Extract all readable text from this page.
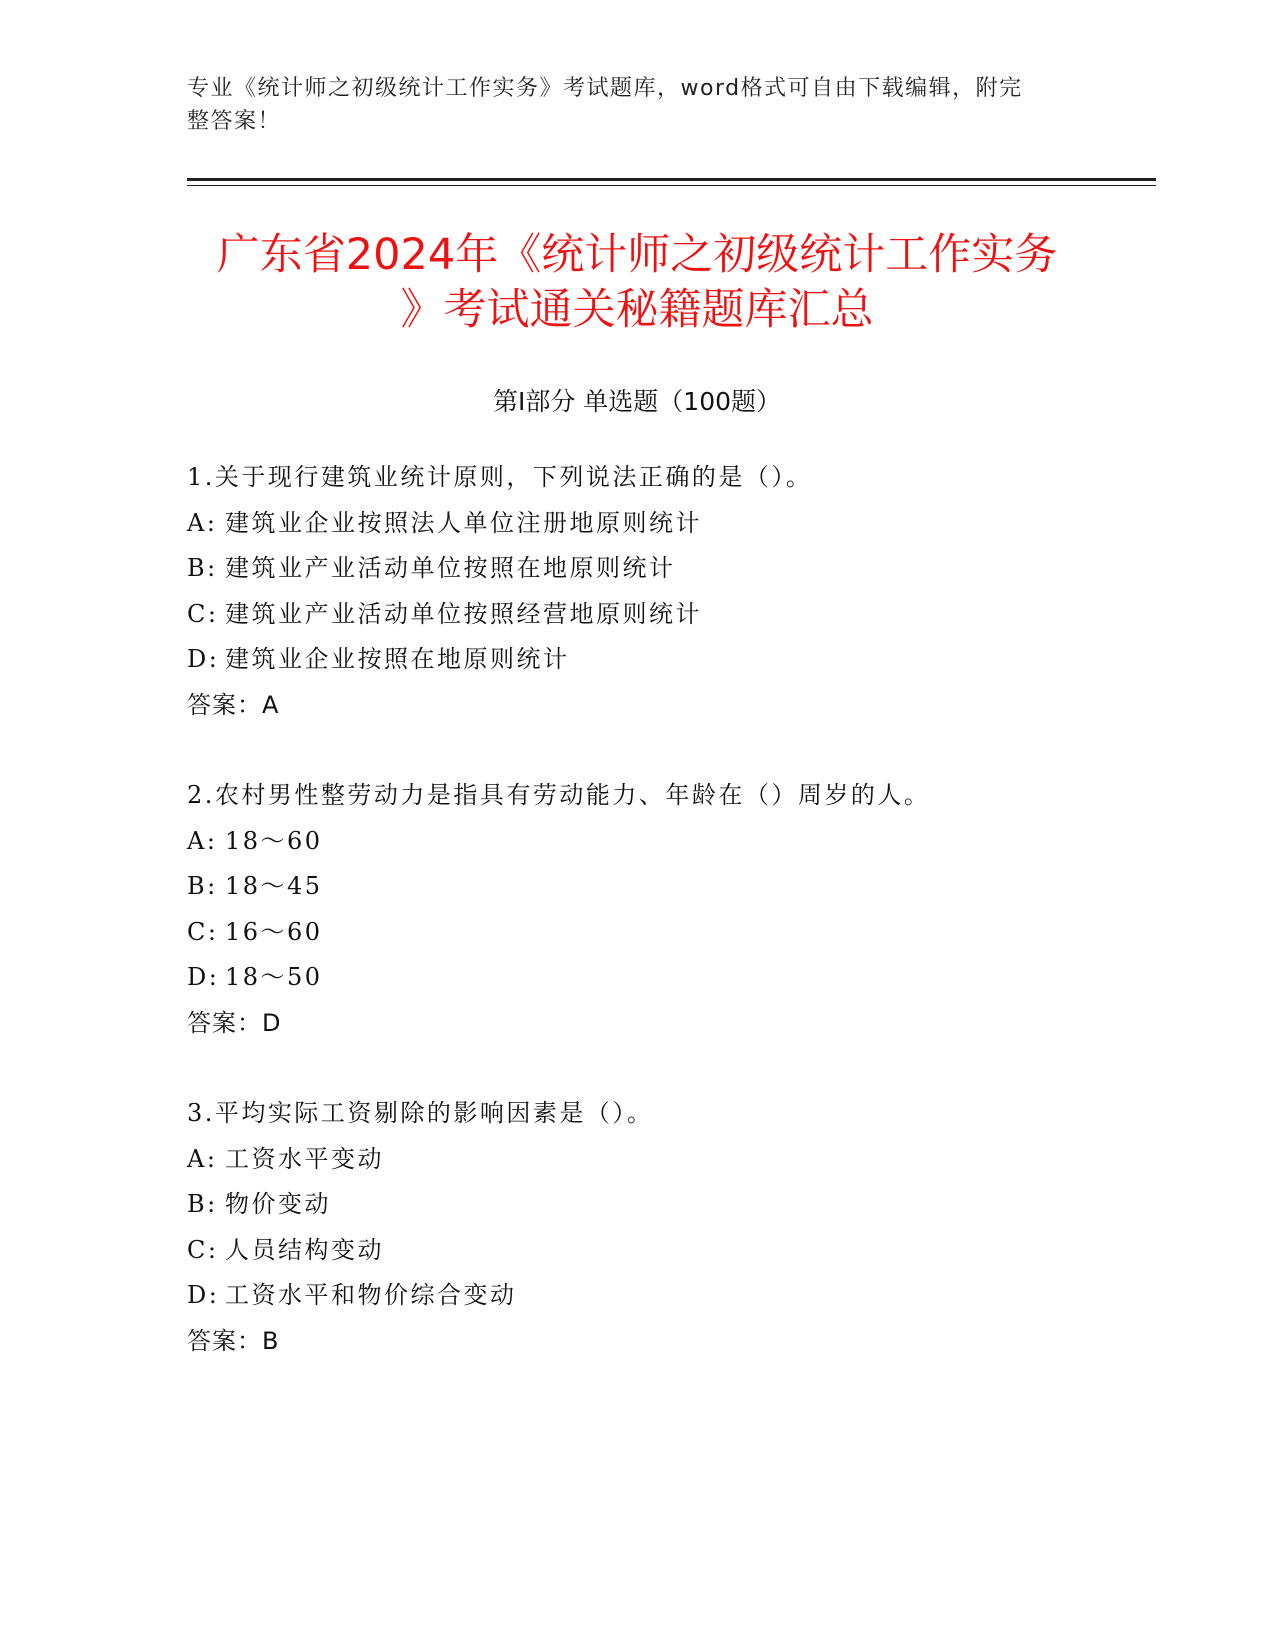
专业《统计师之初级统计工作实务》考试题库，word格式可自由下载编辑，附完
整答案！
广东省2024年《统计师之初级统计工作实务
》考试通关秘籍题库汇总
第I部分 单选题（100题）
1.关于现行建筑业统计原则，下列说法正确的是（）。
A: 建筑业企业按照法人单位注册地原则统计
B: 建筑业产业活动单位按照在地原则统计
C: 建筑业产业活动单位按照经营地原则统计
D: 建筑业企业按照在地原则统计
答案：A
2.农村男性整劳动力是指具有劳动能力、年龄在（）周岁的人。
A: 18～60
B: 18～45
C: 16～60
D: 18～50
答案：D
3.平均实际工资剔除的影响因素是（）。
A: 工资水平变动
B: 物价变动
C: 人员结构变动
D: 工资水平和物价综合变动
答案：B
